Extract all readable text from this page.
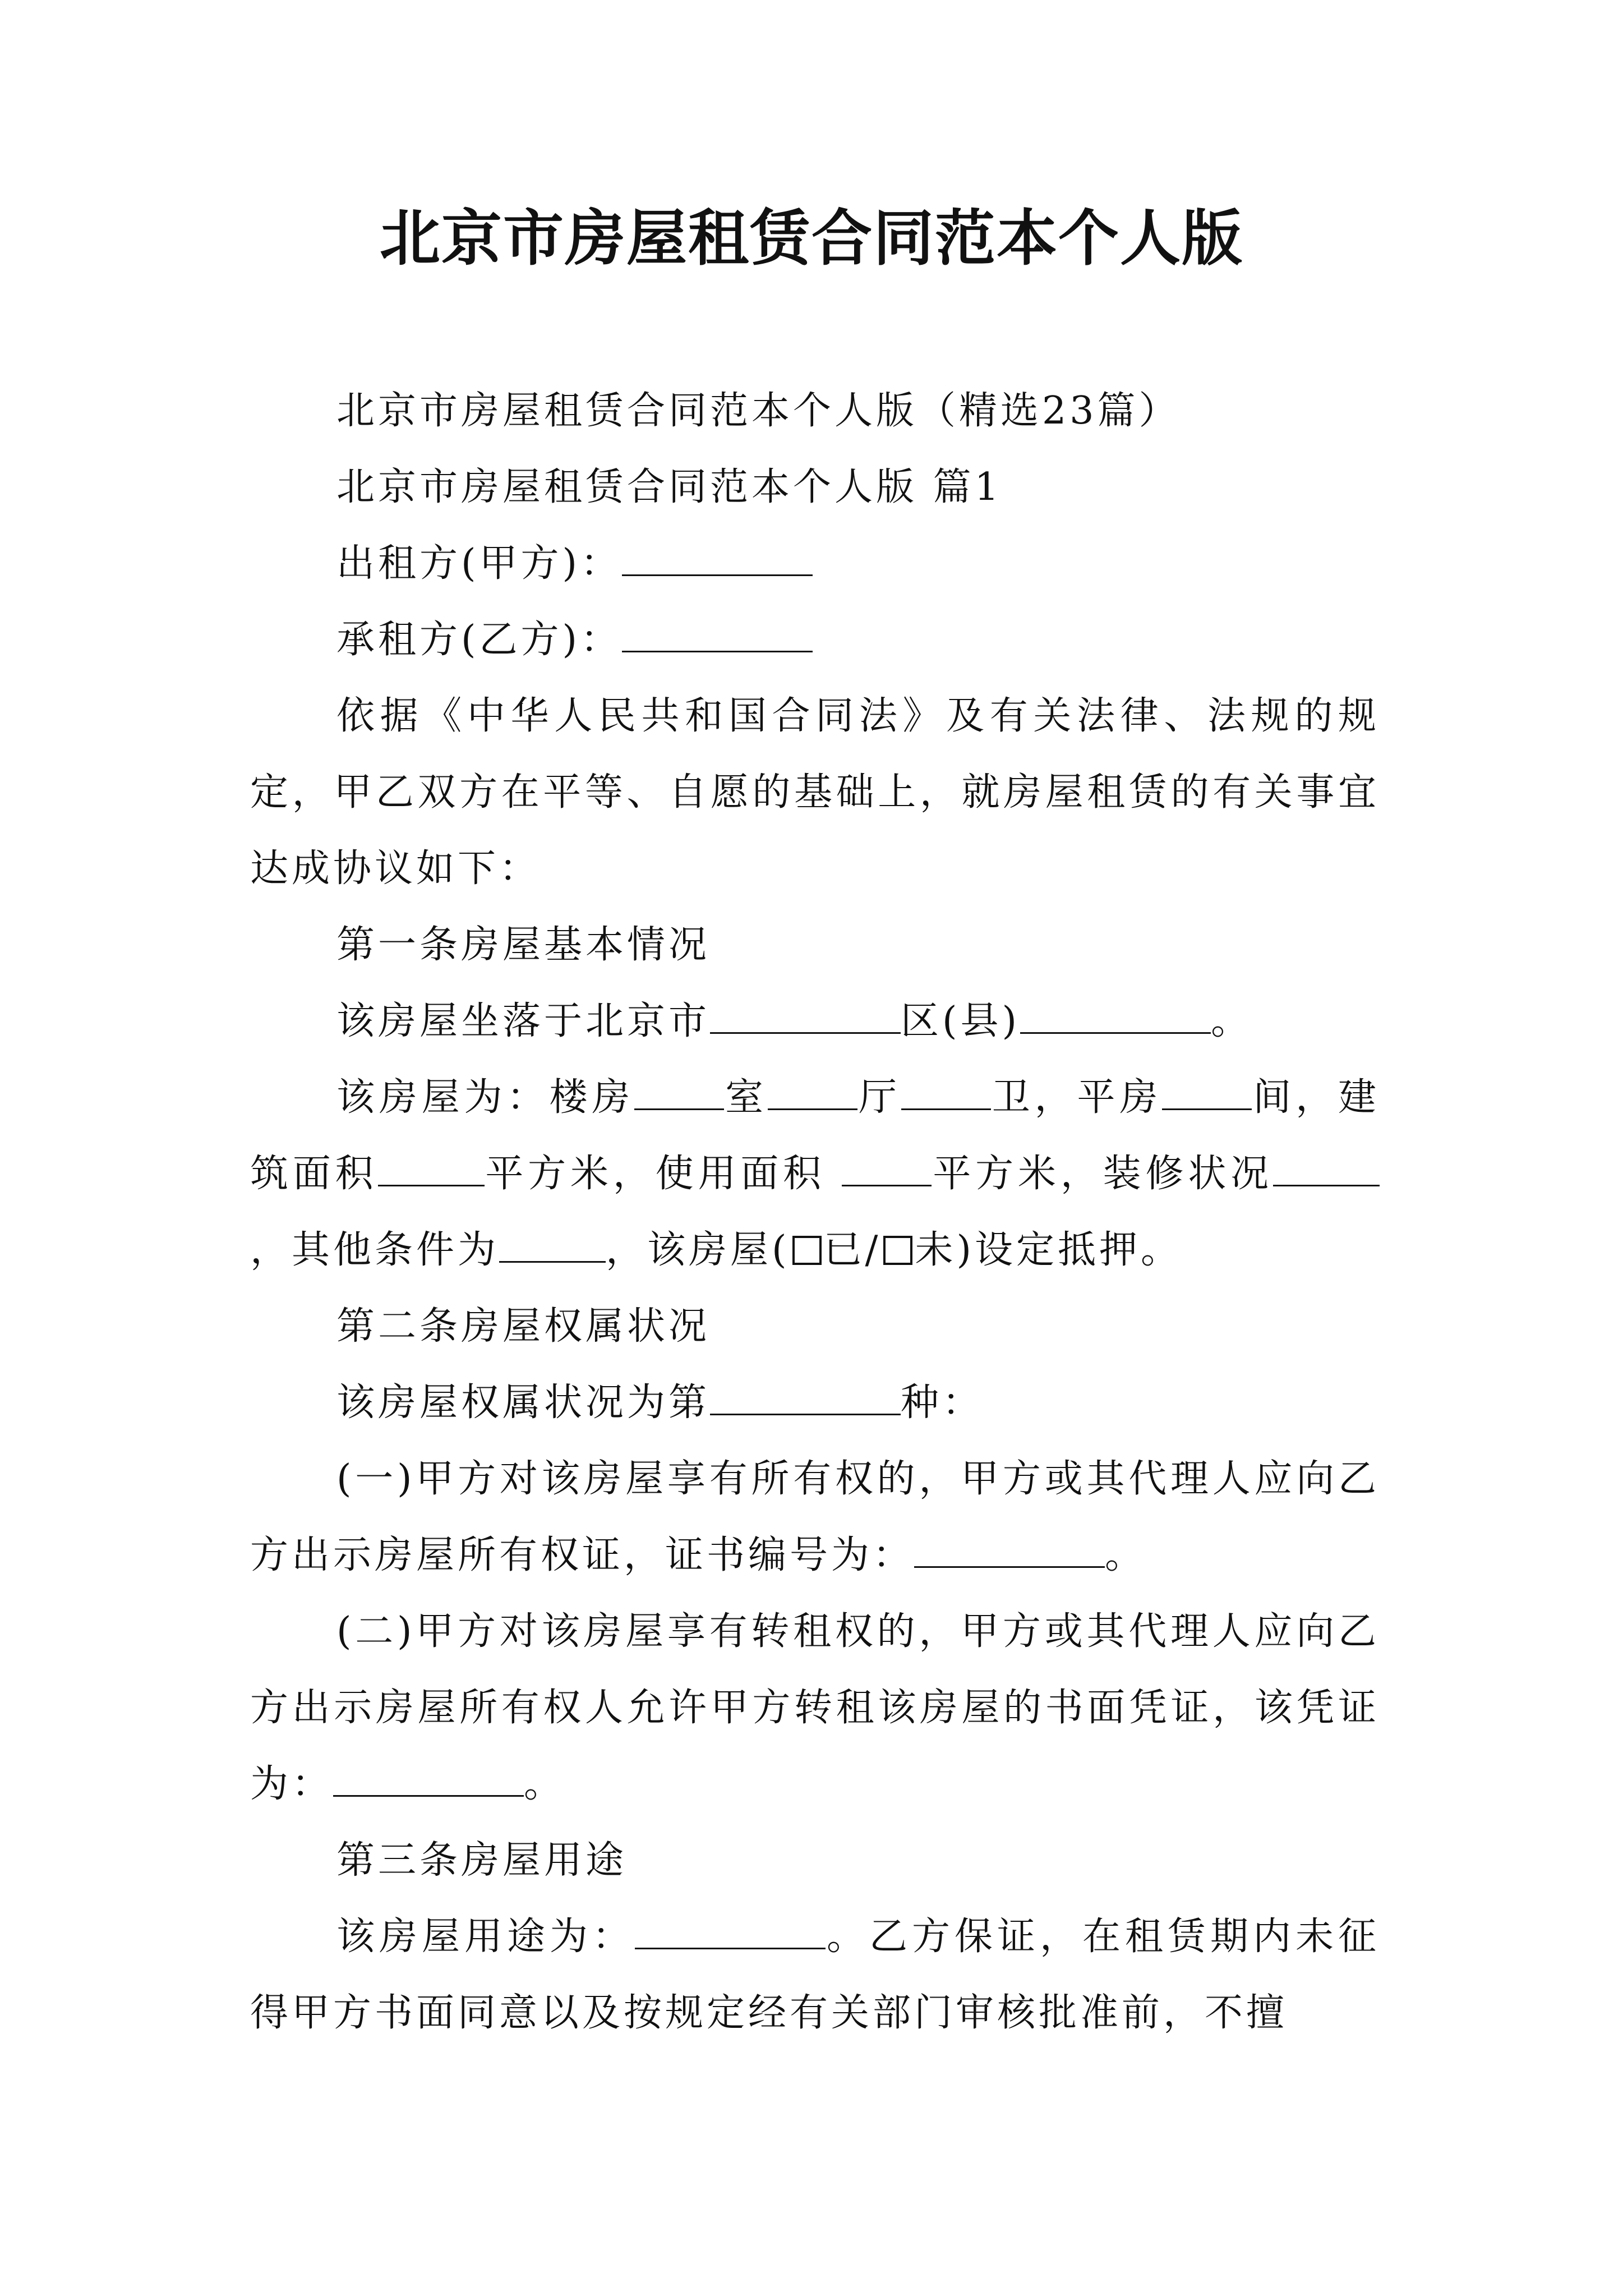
北京市房屋租赁合同范本个人版

北京市房屋租赁合同范本个人版（精选23篇）

北京市房屋租赁合同范本个人版 篇1

出租方(甲方)：

承租方(乙方)：

依据《中华人民共和国合同法》及有关法律、法规的规定，甲乙双方在平等、自愿的基础上，就房屋租赁的有关事宜达成协议如下：

第一条房屋基本情况

该房屋坐落于北京市	区(县)	。

该房屋为：楼房 室 厅 卫，平房 间，建筑面积	平方米，使用面积 平方米，装修状况，其他条件为	，该房屋( 已/ 未)设定抵押。

第二条房屋权属状况

该房屋权属状况为第	种：

(一)甲方对该房屋享有所有权的，甲方或其代理人应向乙方出示房屋所有权证，证书编号为：	。

(二)甲方对该房屋享有转租权的，甲方或其代理人应向乙方出示房屋所有权人允许甲方转租该房屋的书面凭证，该凭证为：	。

第三条房屋用途

该房屋用途为：	。乙方保证，在租赁期内未征得甲方书面同意以及按规定经有关部门审核批准前，不擅
